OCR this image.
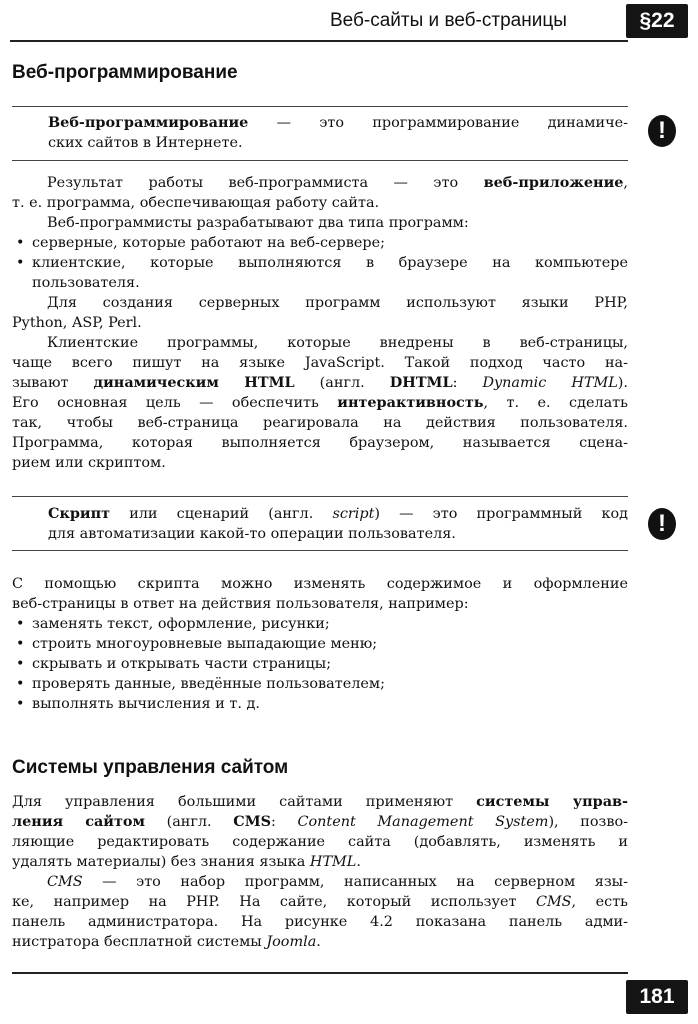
Веб-сайты и веб-страницы	§22
Веб-программирование
Веб-программирование — это программирование динамиче-
ских сайтов в Интернете.	!
Результат работы веб-программиста — это веб-приложение,
т. е. программа, обеспечивающая работу сайта.
Веб-программисты разрабатывают два типа программ:
• серверные, которые работают на веб-сервере;
• клиентские, которые выполняются в браузере на компьютере
пользователя.
Для создания серверных программ используют языки PHP,
Python, ASP, Perl.
Клиентские программы, которые внедрены в веб-страницы,
чаще всего пишут на языке JavaScript. Такой подход часто на-
зывают динамическим HTML (англ. DHTML: Dynamic HTML).
Его основная цель — обеспечить интерактивность, т. е. сделать
так, чтобы веб-страница реагировала на действия пользователя.
Программа, которая выполняется браузером, называется сцена-
рием или скриптом.
Скрипт или сценарий (англ. script) — это программный код
для автоматизации какой-то операции пользователя.	!
С помощью скрипта можно изменять содержимое и оформление
веб-страницы в ответ на действия пользователя, например:
• заменять текст, оформление, рисунки;
• строить многоуровневые выпадающие меню;
• скрывать и открывать части страницы;
• проверять данные, введённые пользователем;
• выполнять вычисления и т. д.
Системы управления сайтом
Для управления большими сайтами применяют системы управ-
ления сайтом (англ. CMS: Content Management System), позво-
ляющие редактировать содержание сайта (добавлять, изменять и
удалять материалы) без знания языка HTML.
CMS — это набор программ, написанных на серверном язы-
ке, например на PHP. На сайте, который использует CMS, есть
панель администратора. На рисунке 4.2 показана панель адми-
нистратора бесплатной системы Joomla.
181
